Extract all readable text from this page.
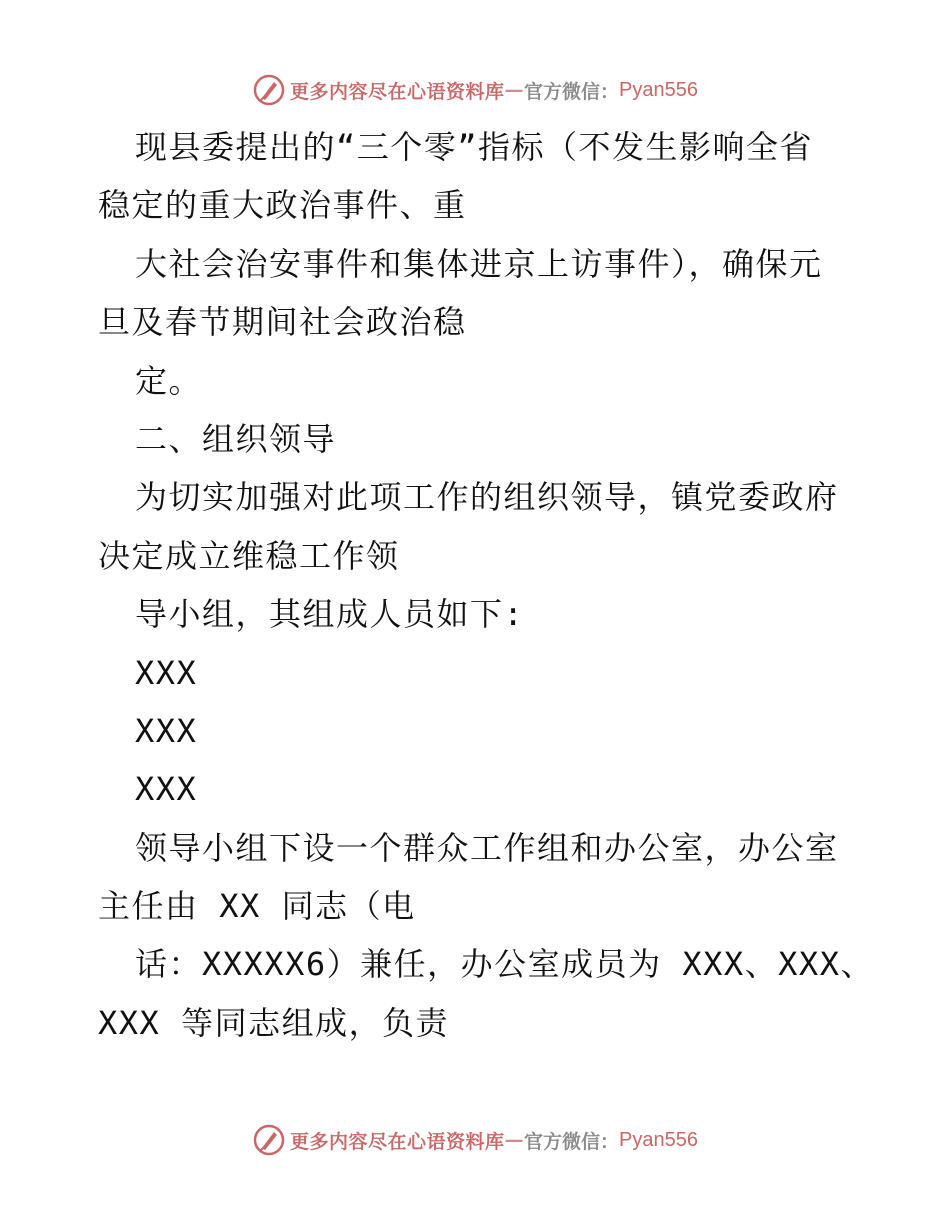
更多内容尽在心语资料库 — 官方微信： Pyan556
现县委提出的“三个零”指标（不发生影响全省
稳定的重大政治事件、重
大社会治安事件和集体进京上访事件），确保元
旦及春节期间社会政治稳
定。
二、组织领导
为切实加强对此项工作的组织领导，镇党委政府
决定成立维稳工作领
导小组，其组成人员如下:
XXX
XXX
XXX
领导小组下设一个群众工作组和办公室，办公室
主任由 XX 同志（电
话：XXXXX6）兼任，办公室成员为 XXX、XXX、
XXX 等同志组成，负责
更多内容尽在心语资料库 — 官方微信： Pyan556
